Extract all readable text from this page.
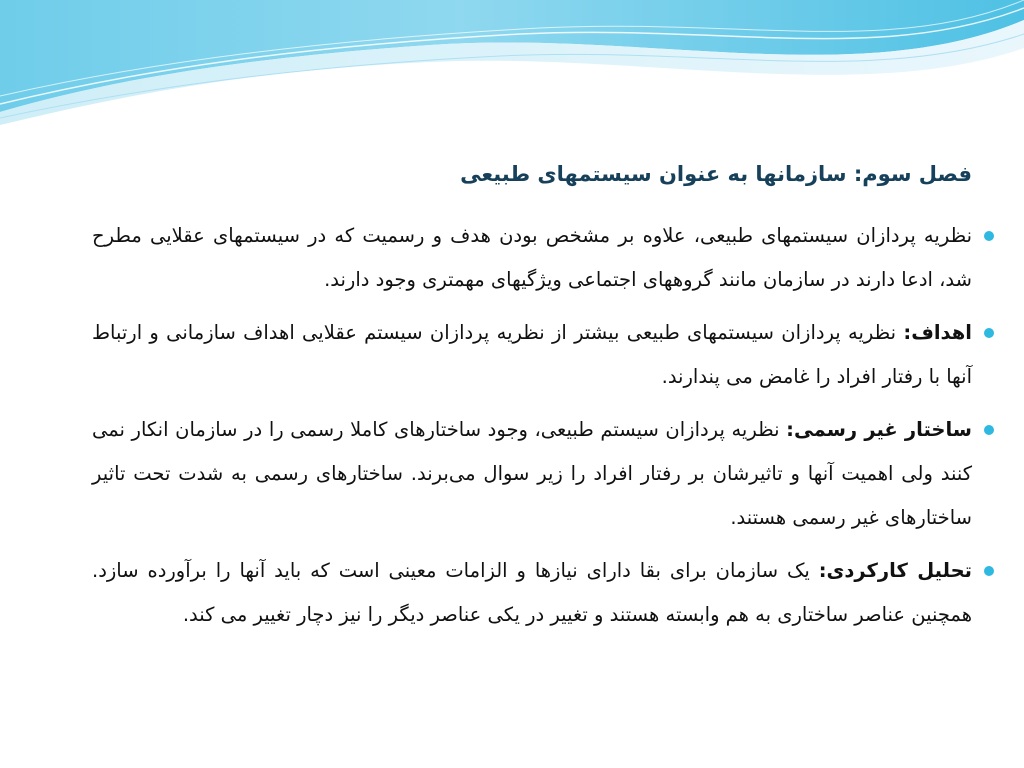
فصل سوم: سازمانها به عنوان سیستمهای طبیعی
نظریه پردازان سیستمهای طبیعی، علاوه بر مشخص بودن هدف و رسمیت که در سیستمهای عقلایی مطرح شد، ادعا دارند در سازمان مانند گروههای اجتماعی ویژگیهای مهمتری وجود دارند.
اهداف: نظریه پردازان سیستمهای طبیعی بیشتر از نظریه پردازان سیستم عقلایی اهداف سازمانی و ارتباط آنها با رفتار افراد را غامض می پندارند.
ساختار غیر رسمی: نظریه پردازان سیستم طبیعی، وجود ساختارهای کاملا رسمی را در سازمان انکار نمی کنند ولی اهمیت آنها و تاثیرشان بر رفتار افراد را زیر سوال می‌برند. ساختارهای رسمی به شدت تحت تاثیر ساختارهای غیر رسمی هستند.
تحلیل کارکردی: یک سازمان برای بقا دارای نیازها و الزامات معینی است که باید آنها را برآورده سازد. همچنین عناصر ساختاری به هم وابسته هستند و تغییر در یکی عناصر دیگر را نیز دچار تغییر می کند.
